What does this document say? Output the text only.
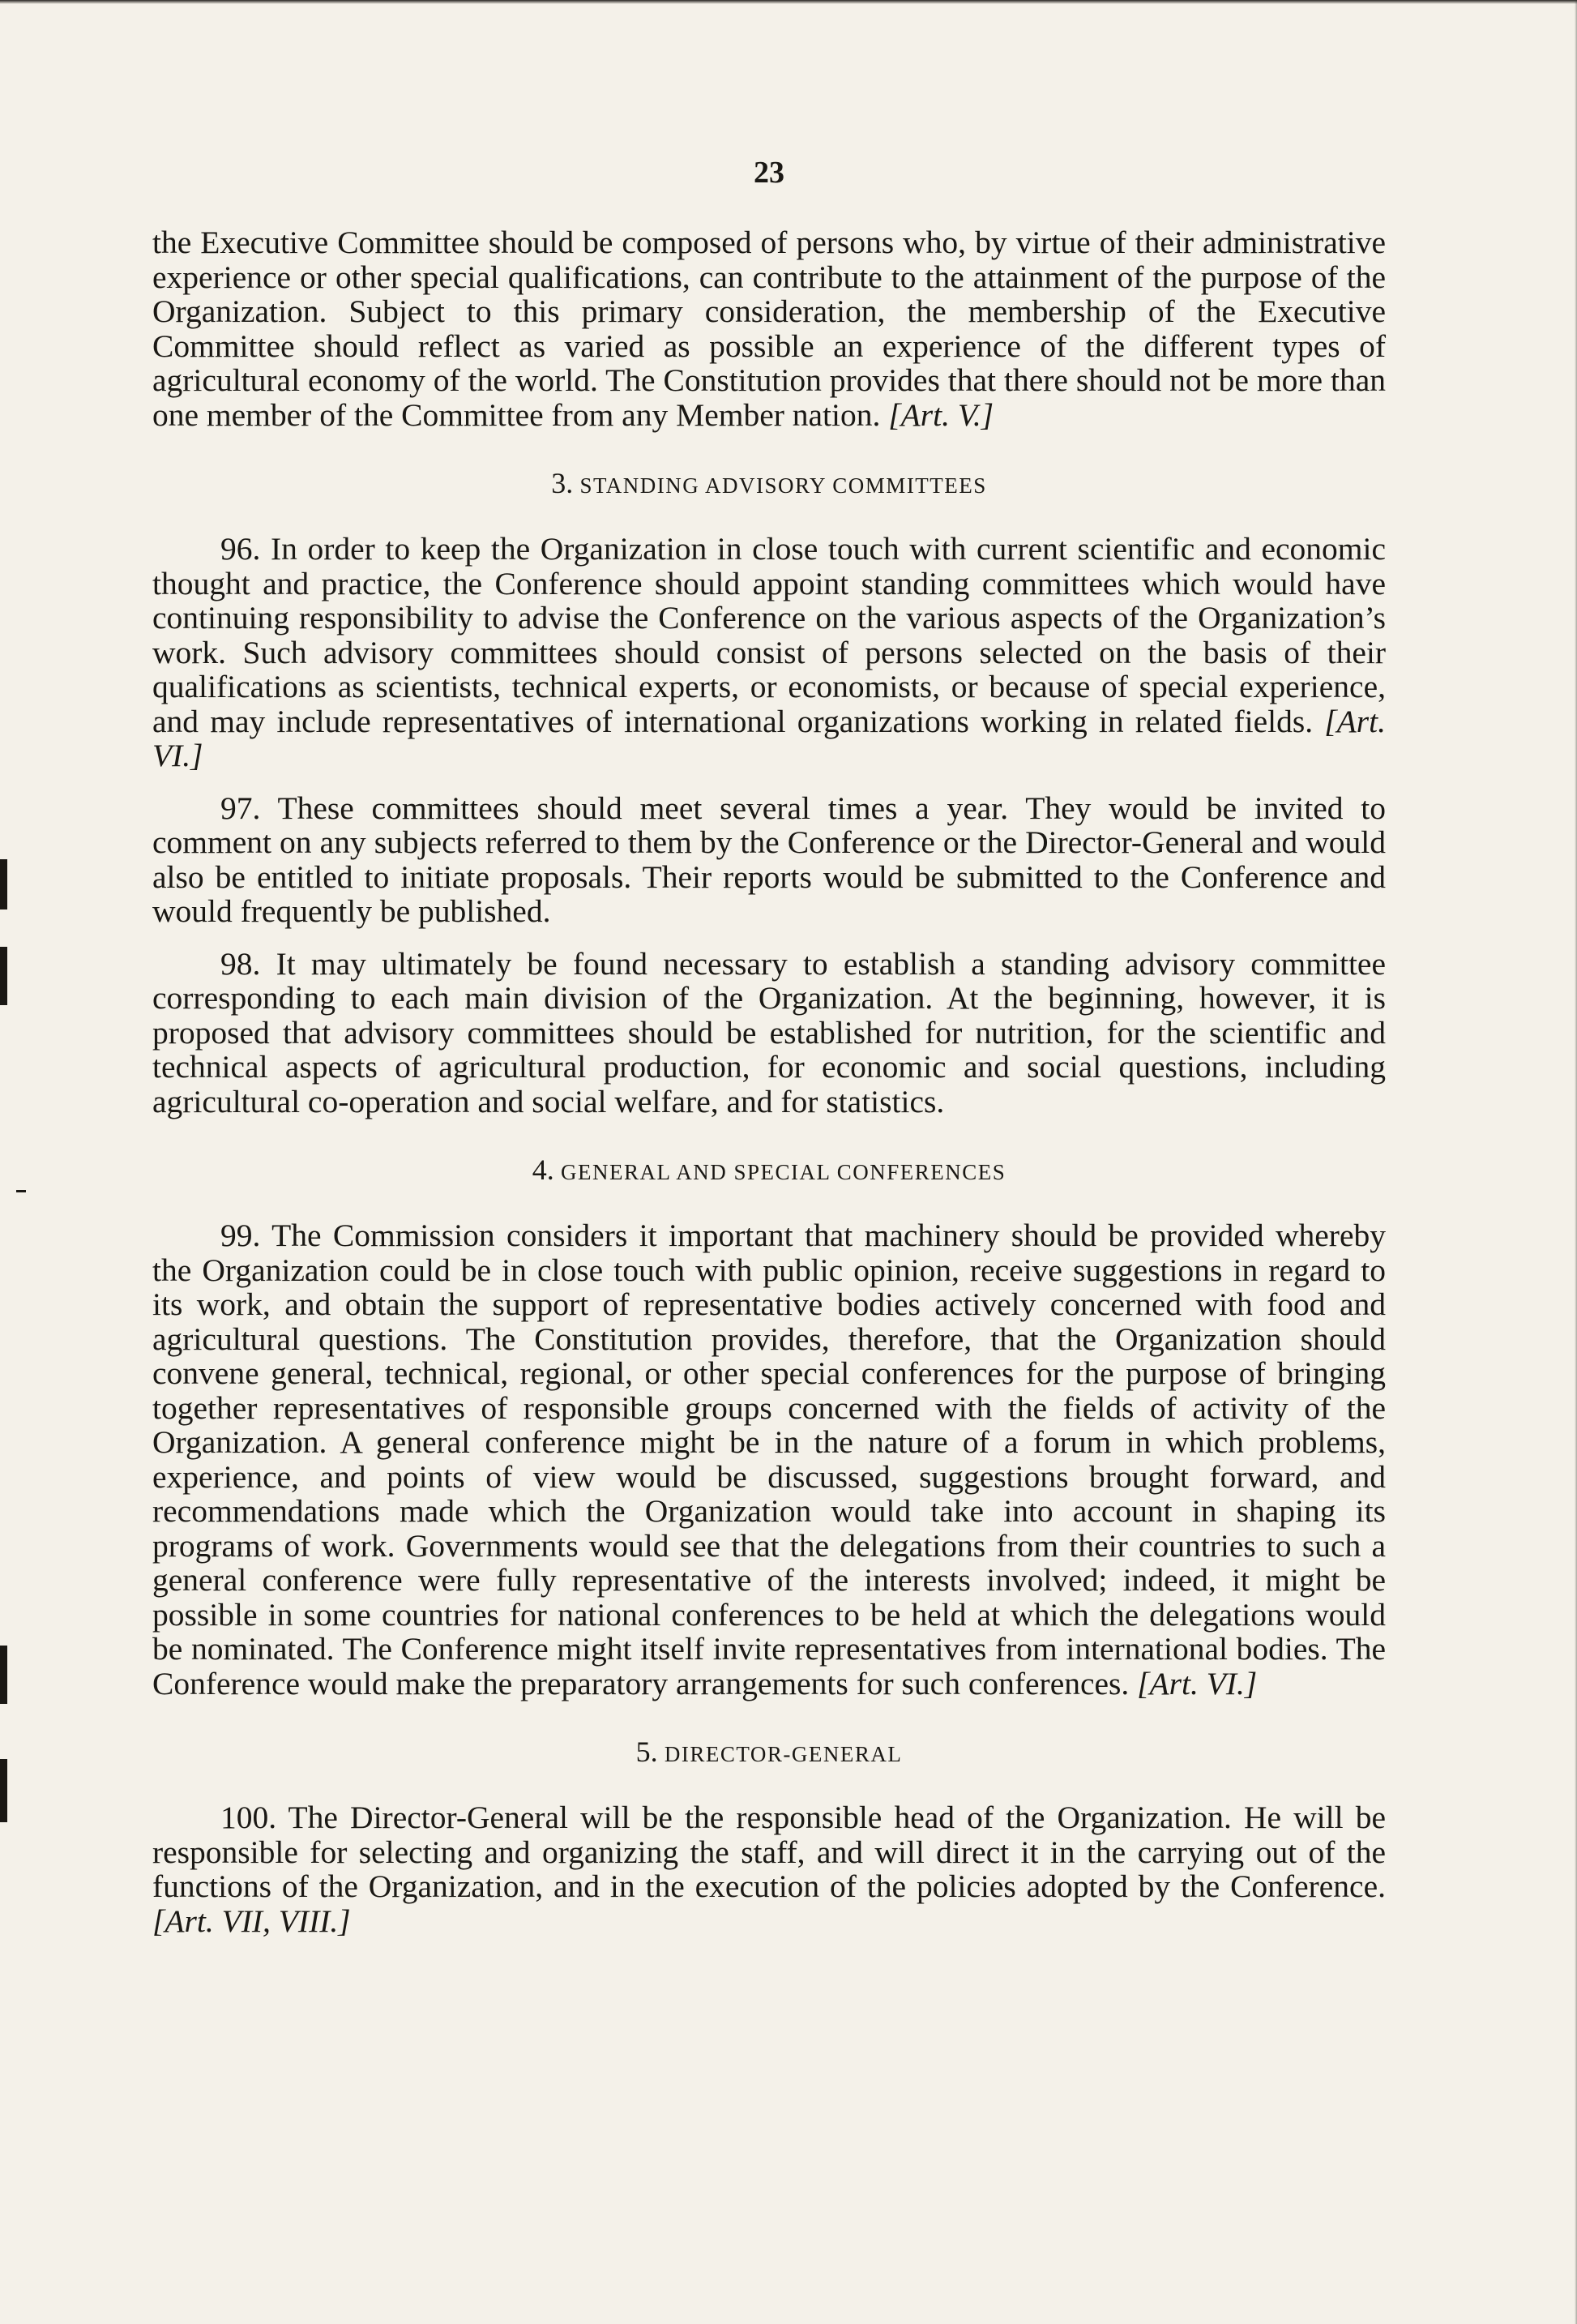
23

the Executive Committee should be composed of persons who, by virtue of their administrative experience or other special qualifications, can contribute to the attainment of the purpose of the Organization. Subject to this primary consideration, the membership of the Executive Committee should reflect as varied as possible an experience of the different types of agricultural economy of the world. The Constitution provides that there should not be more than one member of the Committee from any Member nation. [Art. V.]

3. STANDING ADVISORY COMMITTEES

96. In order to keep the Organization in close touch with current scientific and economic thought and practice, the Conference should appoint standing committees which would have continuing responsibility to advise the Conference on the various aspects of the Organization’s work. Such advisory committees should consist of persons selected on the basis of their qualifications as scientists, technical experts, or economists, or because of special experience, and may include representatives of international organizations working in related fields. [Art. VI.]

97. These committees should meet several times a year. They would be invited to comment on any subjects referred to them by the Conference or the Director-General and would also be entitled to initiate proposals. Their reports would be submitted to the Conference and would frequently be published.

98. It may ultimately be found necessary to establish a standing advisory committee corresponding to each main division of the Organization. At the beginning, however, it is proposed that advisory committees should be established for nutrition, for the scientific and technical aspects of agricultural production, for economic and social questions, including agricultural co-operation and social welfare, and for statistics.

4. GENERAL AND SPECIAL CONFERENCES

99. The Commission considers it important that machinery should be provided whereby the Organization could be in close touch with public opinion, receive suggestions in regard to its work, and obtain the support of representative bodies actively concerned with food and agricultural questions. The Constitution provides, therefore, that the Organization should convene general, technical, regional, or other special conferences for the purpose of bringing together representatives of responsible groups concerned with the fields of activity of the Organization. A general conference might be in the nature of a forum in which problems, experience, and points of view would be discussed, suggestions brought forward, and recommendations made which the Organization would take into account in shaping its programs of work. Governments would see that the delegations from their countries to such a general conference were fully representative of the interests involved; indeed, it might be possible in some countries for national conferences to be held at which the delegations would be nominated. The Conference might itself invite representatives from international bodies. The Conference would make the preparatory arrangements for such conferences. [Art. VI.]

5. DIRECTOR-GENERAL

100. The Director-General will be the responsible head of the Organization. He will be responsible for selecting and organizing the staff, and will direct it in the carrying out of the functions of the Organization, and in the execution of the policies adopted by the Conference. [Art. VII, VIII.]
